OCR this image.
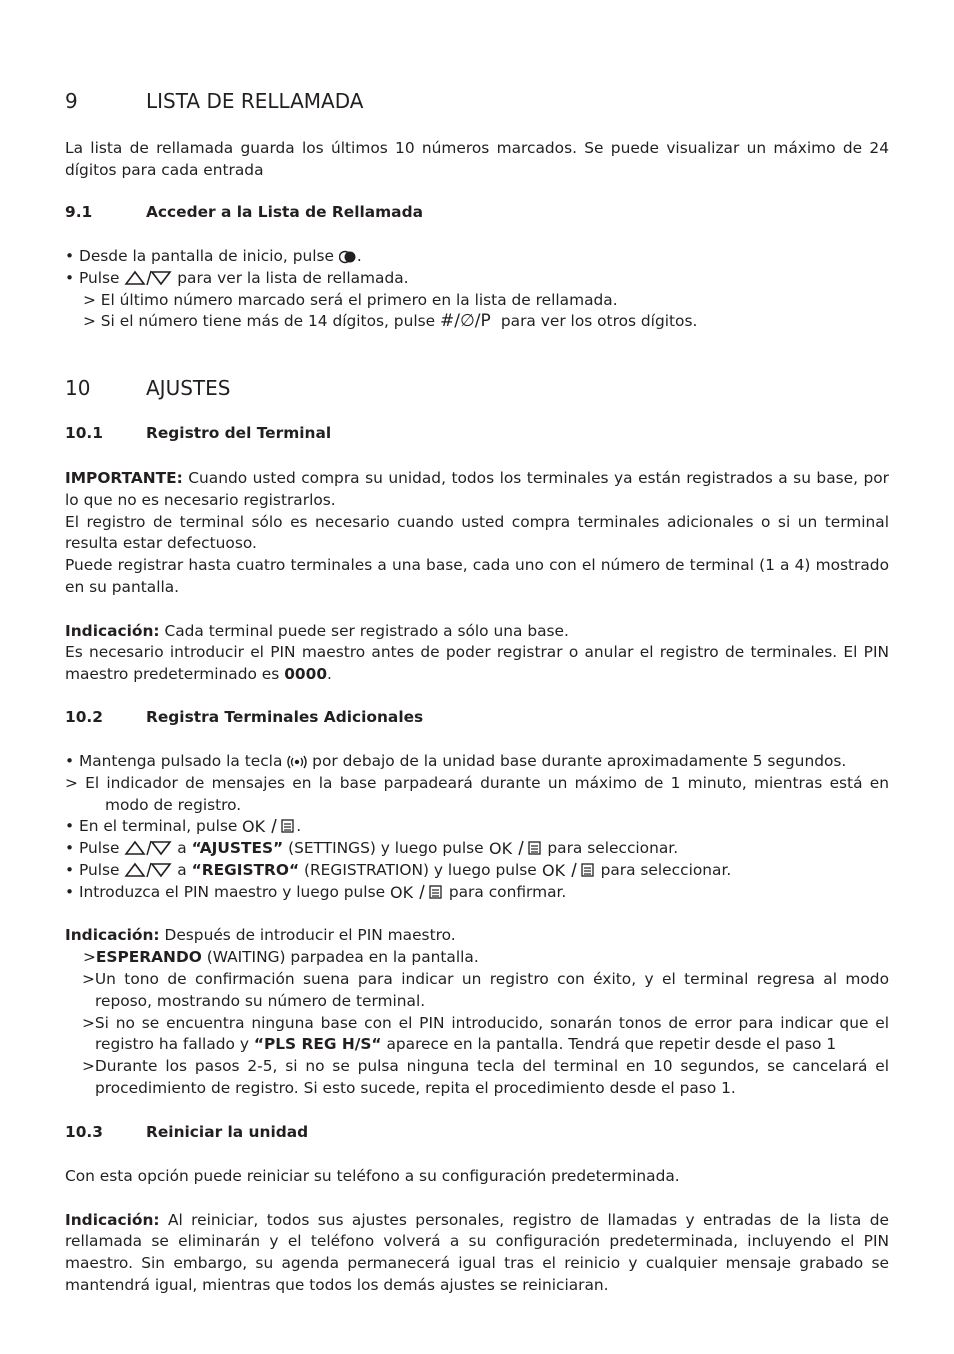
9	LISTA DE RELLAMADA
La lista de rellamada guarda los últimos 10 números marcados. Se puede visualizar un máximo de 24 dígitos para cada entrada
9.1	Acceder a la Lista de Rellamada
• Desde la pantalla de inicio, pulse
.
• Pulse	para ver la lista de rellamada.
> El último número marcado será el primero en la lista de rellamada.
> Si el número tiene más de 14 dígitos, pulse #/∅/P para ver los otros dígitos.
10	AJUSTES
10.1	Registro del Terminal
IMPORTANTE: Cuando usted compra su unidad, todos los terminales ya están registrados a su base, por lo que no es necesario registrarlos.
El registro de terminal sólo es necesario cuando usted compra terminales adicionales o si un terminal resulta estar defectuoso.
Puede registrar hasta cuatro terminales a una base, cada uno con el número de terminal (1 a 4) mostrado en su pantalla.
Indicación: Cada terminal puede ser registrado a sólo una base.
Es necesario introducir el PIN maestro antes de poder registrar o anular el registro de terminales. El PIN maestro predeterminado es 0000.
10.2	Registra Terminales Adicionales
• Mantenga pulsado la tecla
por debajo de la unidad base durante aproximadamente 5 segundos.
> El indicador de mensajes en la base parpadeará durante un máximo de 1 minuto, mientras está en modo de registro.
• En el terminal, pulse OK .
• Pulse	a “AJUSTES” (SETTINGS) y luego pulse OK para seleccionar.
• Pulse	a “REGISTRO“ (REGISTRATION) y luego pulse OK para seleccionar.
• Introduzca el PIN maestro y luego pulse OK para confirmar.
Indicación: Después de introducir el PIN maestro.
>ESPERANDO (WAITING) parpadea en la pantalla.
>Un tono de confirmación suena para indicar un registro con éxito, y el terminal regresa al modo reposo, mostrando su número de terminal.
>Si no se encuentra ninguna base con el PIN introducido, sonarán tonos de error para indicar que el registro ha fallado y “PLS REG H/S“ aparece en la pantalla. Tendrá que repetir desde el paso 1
>Durante los pasos 2-5, si no se pulsa ninguna tecla del terminal en 10 segundos, se cancelará el procedimiento de registro. Si esto sucede, repita el procedimiento desde el paso 1.
10.3	Reiniciar la unidad
Con esta opción puede reiniciar su teléfono a su configuración predeterminada.
Indicación: Al reiniciar, todos sus ajustes personales, registro de llamadas y entradas de la lista de rellamada se eliminarán y el teléfono volverá a su configuración predeterminada, incluyendo el PIN maestro. Sin embargo, su agenda permanecerá igual tras el reinicio y cualquier mensaje grabado se mantendrá igual, mientras que todos los demás ajustes se reiniciaran.
